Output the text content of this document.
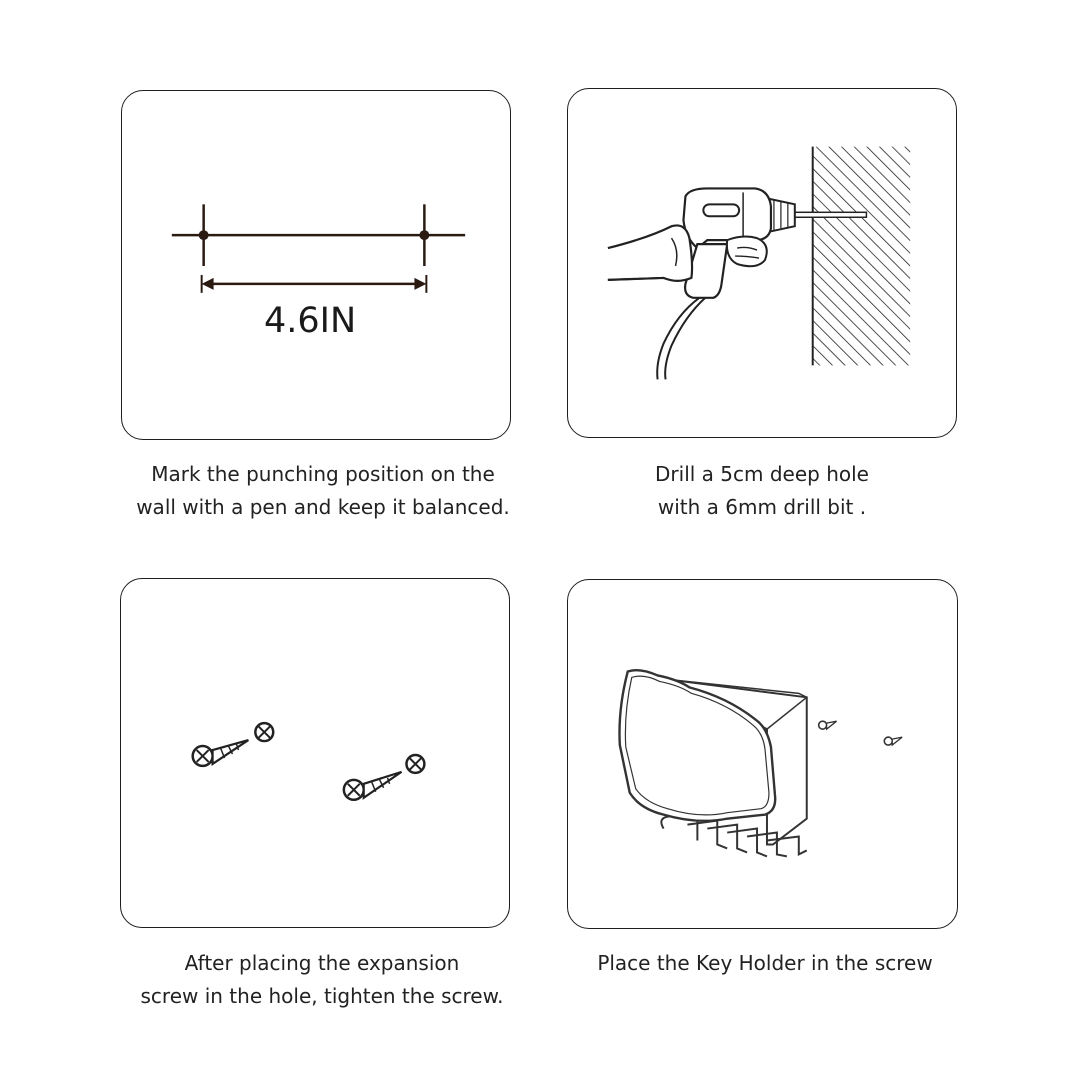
4.6IN
Mark the punching position on the
wall with a pen and keep it balanced.
Drill a 5cm deep hole
with a 6mm drill bit .
After placing the expansion
screw in the hole, tighten the screw.
Place the Key Holder in the screw
